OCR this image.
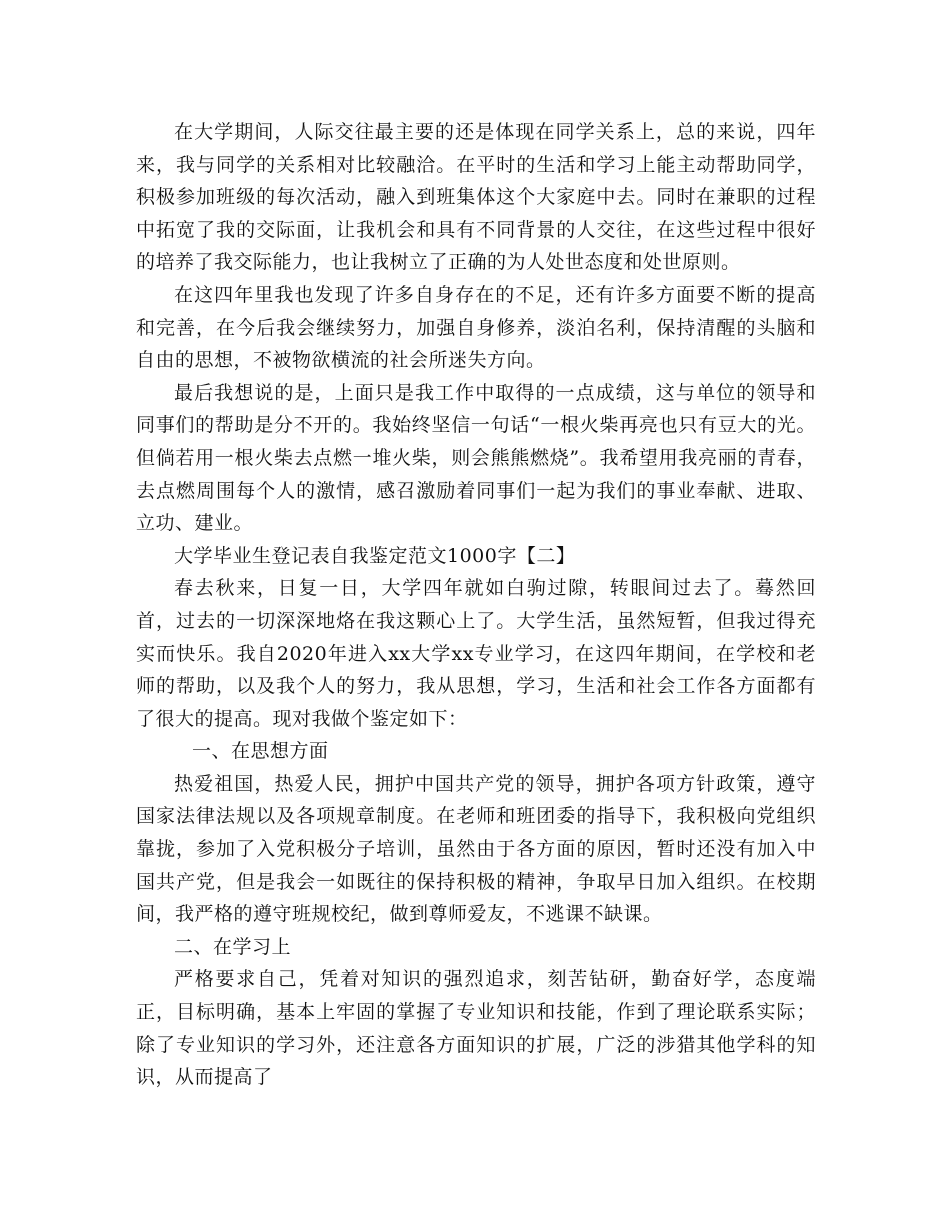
在大学期间，人际交往最主要的还是体现在同学关系上，总的来说，四年来，我与同学的关系相对比较融洽。在平时的生活和学习上能主动帮助同学，积极参加班级的每次活动，融入到班集体这个大家庭中去。同时在兼职的过程中拓宽了我的交际面，让我机会和具有不同背景的人交往，在这些过程中很好的培养了我交际能力，也让我树立了正确的为人处世态度和处世原则。

在这四年里我也发现了许多自身存在的不足，还有许多方面要不断的提高和完善，在今后我会继续努力，加强自身修养，淡泊名利，保持清醒的头脑和自由的思想，不被物欲横流的社会所迷失方向。

最后我想说的是，上面只是我工作中取得的一点成绩，这与单位的领导和同事们的帮助是分不开的。我始终坚信一句话“一根火柴再亮也只有豆大的光。但倘若用一根火柴去点燃一堆火柴，则会熊熊燃烧”。我希望用我亮丽的青春，去点燃周围每个人的激情，感召激励着同事们一起为我们的事业奉献、进取、立功、建业。

大学毕业生登记表自我鉴定范文1000字【二】

春去秋来，日复一日，大学四年就如白驹过隙，转眼间过去了。蓦然回首，过去的一切深深地烙在我这颗心上了。大学生活，虽然短暂，但我过得充实而快乐。我自2020年进入xx大学xx专业学习，在这四年期间，在学校和老师的帮助，以及我个人的努力，我从思想，学习，生活和社会工作各方面都有了很大的提高。现对我做个鉴定如下：

一、在思想方面

热爱祖国，热爱人民，拥护中国共产党的领导，拥护各项方针政策，遵守国家法律法规以及各项规章制度。在老师和班团委的指导下，我积极向党组织靠拢，参加了入党积极分子培训，虽然由于各方面的原因，暂时还没有加入中国共产党，但是我会一如既往的保持积极的精神，争取早日加入组织。在校期间，我严格的遵守班规校纪，做到尊师爱友，不逃课不缺课。

二、在学习上

严格要求自己，凭着对知识的强烈追求，刻苦钻研，勤奋好学，态度端正，目标明确，基本上牢固的掌握了专业知识和技能，作到了理论联系实际；除了专业知识的学习外，还注意各方面知识的扩展，广泛的涉猎其他学科的知识，从而提高了
